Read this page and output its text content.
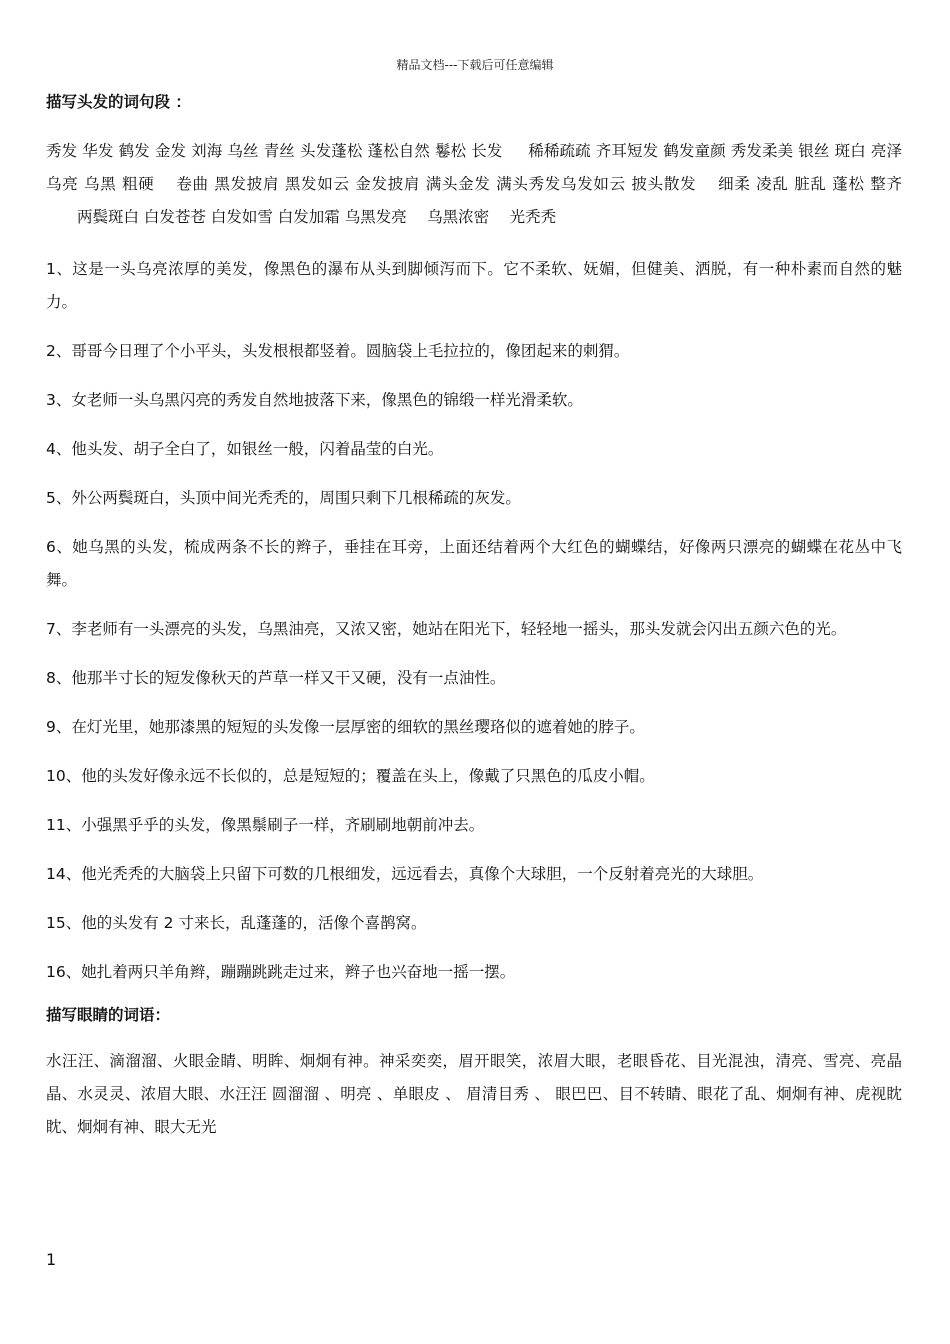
精品文档---下载后可任意编辑

描写头发的词句段 ：

秀发 华发 鹤发 金发 刘海 乌丝 青丝 头发蓬松 蓬松自然 鬈松 长发 　 稀稀疏疏 齐耳短发 鹤发童颜 秀发柔美 银丝 斑白 亮泽乌亮 乌黑 粗硬 　卷曲 黑发披肩 黑发如云 金发披肩 满头金发 满头秀发乌发如云 披头散发 　细柔 凌乱 脏乱 蓬松 整齐 　　两鬓斑白 白发苍苍 白发如雪 白发加霜 乌黑发亮 　乌黑浓密 　光秃秃

1、这是一头乌亮浓厚的美发，像黑色的瀑布从头到脚倾泻而下。它不柔软、妩媚，但健美、洒脱，有一种朴素而自然的魅力。

2、哥哥今日理了个小平头，头发根根都竖着。圆脑袋上毛拉拉的，像团起来的刺猬。

3、女老师一头乌黑闪亮的秀发自然地披落下来，像黑色的锦缎一样光滑柔软。

4、他头发、胡子全白了，如银丝一般，闪着晶莹的白光。

5、外公两鬓斑白，头顶中间光秃秃的，周围只剩下几根稀疏的灰发。

6、她乌黑的头发，梳成两条不长的辫子，垂挂在耳旁，上面还结着两个大红色的蝴蝶结，好像两只漂亮的蝴蝶在花丛中飞舞。

7、李老师有一头漂亮的头发，乌黑油亮，又浓又密，她站在阳光下，轻轻地一摇头，那头发就会闪出五颜六色的光。

8、他那半寸长的短发像秋天的芦草一样又干又硬，没有一点油性。

9、在灯光里，她那漆黑的短短的头发像一层厚密的细软的黑丝璎珞似的遮着她的脖子。

10、他的头发好像永远不长似的，总是短短的；覆盖在头上，像戴了只黑色的瓜皮小帽。

11、小强黑乎乎的头发，像黑鬃刷子一样，齐刷刷地朝前冲去。

14、他光秃秃的大脑袋上只留下可数的几根细发，远远看去，真像个大球胆，一个反射着亮光的大球胆。

15、他的头发有 2 寸来长，乱蓬蓬的，活像个喜鹊窝。

16、她扎着两只羊角辫，蹦蹦跳跳走过来，辫子也兴奋地一摇一摆。

描写眼睛的词语：

水汪汪、滴溜溜、火眼金睛、明眸、炯炯有神。神采奕奕，眉开眼笑，浓眉大眼，老眼昏花、目光混浊，清亮、雪亮、亮晶晶、水灵灵、浓眉大眼、水汪汪 圆溜溜 、明亮 、单眼皮 、 眉清目秀 、 眼巴巴、目不转睛、眼花了乱、炯炯有神、虎视眈眈、炯炯有神、眼大无光

1
